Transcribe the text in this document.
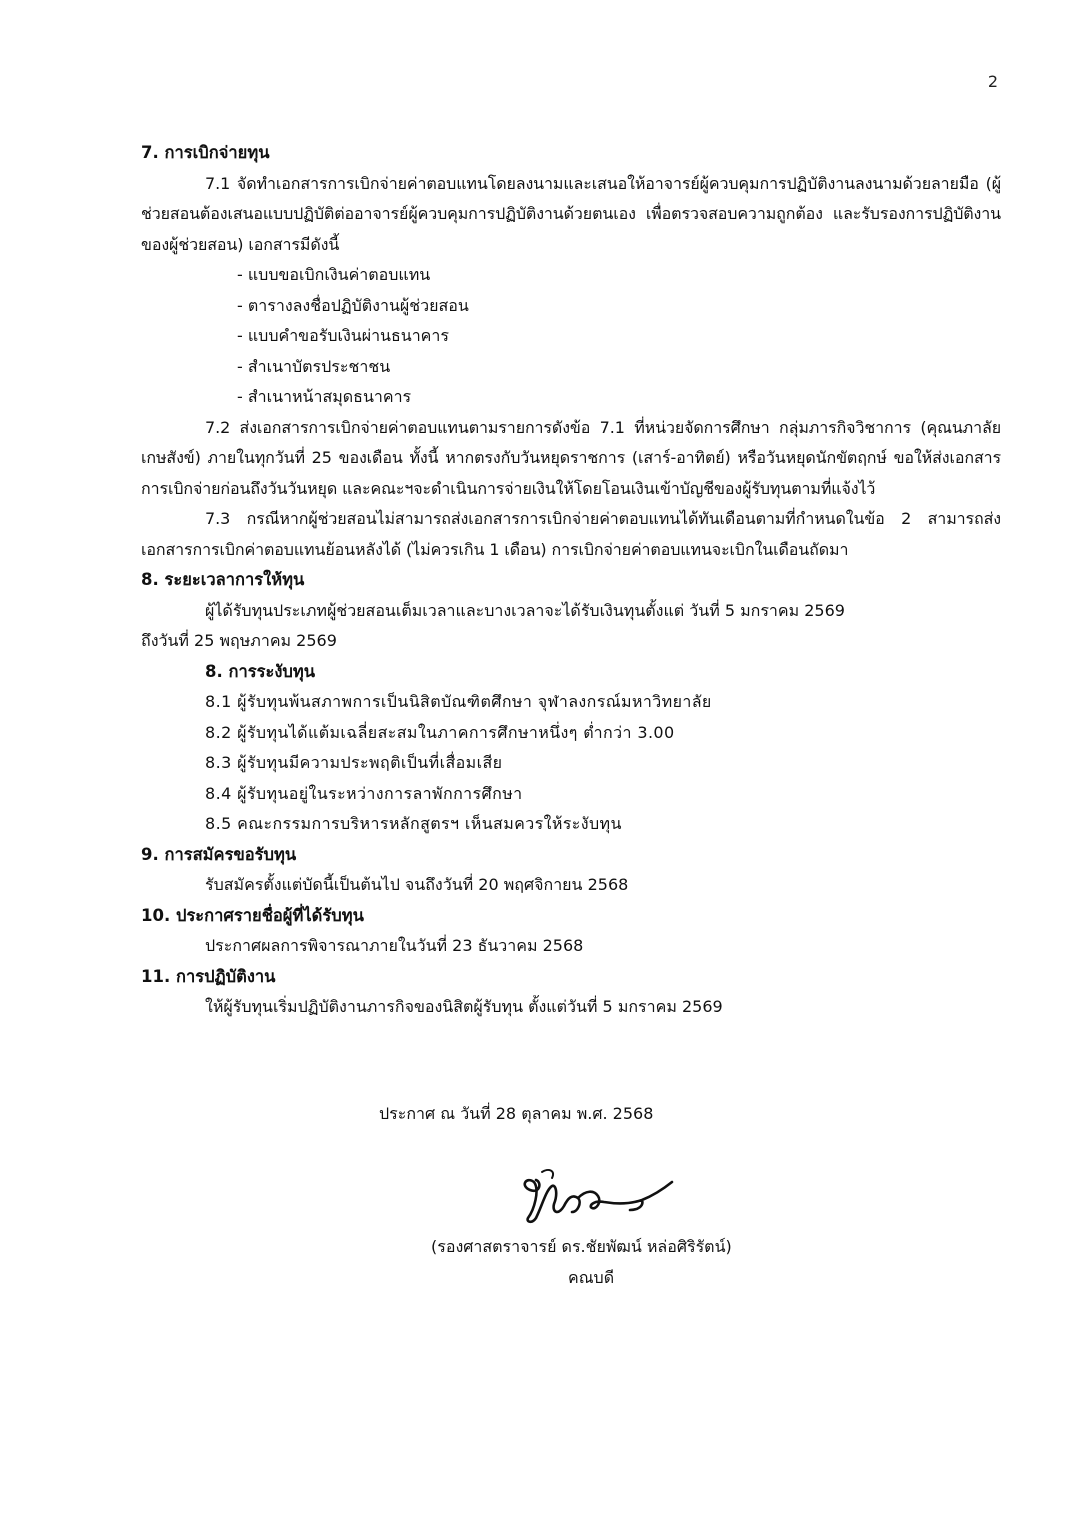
2

7. การเบิกจ่ายทุน

7.1 จัดทำเอกสารการเบิกจ่ายค่าตอบแทนโดยลงนามและเสนอให้อาจารย์ผู้ควบคุมการปฏิบัติงานลงนามด้วยลายมือ (ผู้ช่วยสอนต้องเสนอแบบปฏิบัติต่ออาจารย์ผู้ควบคุมการปฏิบัติงานด้วยตนเอง เพื่อตรวจสอบความถูกต้อง และรับรองการปฏิบัติงานของผู้ช่วยสอน) เอกสารมีดังนี้

- แบบขอเบิกเงินค่าตอบแทน
- ตารางลงชื่อปฏิบัติงานผู้ช่วยสอน
- แบบคำขอรับเงินผ่านธนาคาร
- สำเนาบัตรประชาชน
- สำเนาหน้าสมุดธนาคาร

7.2 ส่งเอกสารการเบิกจ่ายค่าตอบแทนตามรายการดังข้อ 7.1 ที่หน่วยจัดการศึกษา กลุ่มภารกิจวิชาการ (คุณนภาลัย เกษสังข์) ภายในทุกวันที่ 25 ของเดือน ทั้งนี้ หากตรงกับวันหยุดราชการ (เสาร์-อาทิตย์) หรือวันหยุดนักขัตฤกษ์ ขอให้ส่งเอกสารการเบิกจ่ายก่อนถึงวันวันหยุด และคณะฯจะดำเนินการจ่ายเงินให้โดยโอนเงินเข้าบัญชีของผู้รับทุนตามที่แจ้งไว้

7.3 กรณีหากผู้ช่วยสอนไม่สามารถส่งเอกสารการเบิกจ่ายค่าตอบแทนได้ทันเดือนตามที่กำหนดในข้อ 2 สามารถส่งเอกสารการเบิกค่าตอบแทนย้อนหลังได้ (ไม่ควรเกิน 1 เดือน) การเบิกจ่ายค่าตอบแทนจะเบิกในเดือนถัดมา

8. ระยะเวลาการให้ทุน

ผู้ได้รับทุนประเภทผู้ช่วยสอนเต็มเวลาและบางเวลาจะได้รับเงินทุนตั้งแต่ วันที่ 5 มกราคม 2569

ถึงวันที่ 25 พฤษภาคม 2569

8. การระงับทุน

8.1 ผู้รับทุนพ้นสภาพการเป็นนิสิตบัณฑิตศึกษา จุฬาลงกรณ์มหาวิทยาลัย
8.2 ผู้รับทุนได้แต้มเฉลี่ยสะสมในภาคการศึกษาหนึ่งๆ ต่ำกว่า 3.00
8.3 ผู้รับทุนมีความประพฤติเป็นที่เสื่อมเสีย
8.4 ผู้รับทุนอยู่ในระหว่างการลาพักการศึกษา
8.5 คณะกรรมการบริหารหลักสูตรฯ เห็นสมควรให้ระงับทุน

9. การสมัครขอรับทุน

รับสมัครตั้งแต่บัดนี้เป็นต้นไป จนถึงวันที่ 20 พฤศจิกายน 2568

10. ประกาศรายชื่อผู้ที่ได้รับทุน

ประกาศผลการพิจารณาภายในวันที่ 23 ธันวาคม 2568

11. การปฏิบัติงาน

ให้ผู้รับทุนเริ่มปฏิบัติงานภารกิจของนิสิตผู้รับทุน ตั้งแต่วันที่ 5 มกราคม 2569

ประกาศ ณ วันที่ 28 ตุลาคม พ.ศ. 2568
(รองศาสตราจารย์ ดร.ชัยพัฒน์ หล่อศิริรัตน์)
คณบดี
